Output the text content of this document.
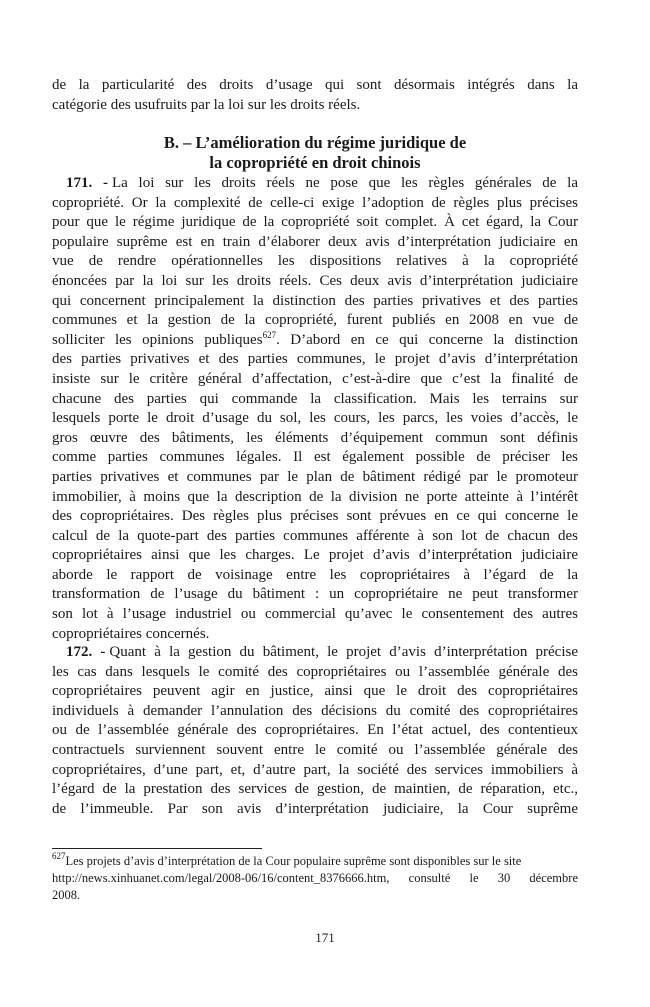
de la particularité des droits d’usage qui sont désormais intégrés dans la
catégorie des usufruits par la loi sur les droits réels.
B. – L’amélioration du régime juridique de
la copropriété en droit chinois
171. - La loi sur les droits réels ne pose que les règles générales de la
copropriété. Or la complexité de celle-ci exige l’adoption de règles plus précises
pour que le régime juridique de la copropriété soit complet. À cet égard, la Cour
populaire suprême est en train d’élaborer deux avis d’interprétation judiciaire en
vue de rendre opérationnelles les dispositions relatives à la copropriété
énoncées par la loi sur les droits réels. Ces deux avis d’interprétation judiciaire
qui concernent principalement la distinction des parties privatives et des parties
communes et la gestion de la copropriété, furent publiés en 2008 en vue de
solliciter les opinions publiques$^{627}$. D’abord en ce qui concerne la distinction
des parties privatives et des parties communes, le projet d’avis d’interprétation
insiste sur le critère général d’affectation, c’est-à-dire que c’est la finalité de
chacune des parties qui commande la classification. Mais les terrains sur
lesquels porte le droit d’usage du sol, les cours, les parcs, les voies d’accès, le
gros œuvre des bâtiments, les éléments d’équipement commun sont définis
comme parties communes légales. Il est également possible de préciser les
parties privatives et communes par le plan de bâtiment rédigé par le promoteur
immobilier, à moins que la description de la division ne porte atteinte à l’intérêt
des copropriétaires. Des règles plus précises sont prévues en ce qui concerne le
calcul de la quote-part des parties communes afférente à son lot de chacun des
copropriétaires ainsi que les charges. Le projet d’avis d’interprétation judiciaire
aborde le rapport de voisinage entre les copropriétaires à l’égard de la
transformation de l’usage du bâtiment : un copropriétaire ne peut transformer
son lot à l’usage industriel ou commercial qu’avec le consentement des autres
copropriétaires concernés.
172. - Quant à la gestion du bâtiment, le projet d’avis d’interprétation précise
les cas dans lesquels le comité des copropriétaires ou l’assemblée générale des
copropriétaires peuvent agir en justice, ainsi que le droit des copropriétaires
individuels à demander l’annulation des décisions du comité des copropriétaires
ou de l’assemblée générale des copropriétaires. En l’état actuel, des contentieux
contractuels surviennent souvent entre le comité ou l’assemblée générale des
copropriétaires, d’une part, et, d’autre part, la société des services immobiliers à
l’égard de la prestation des services de gestion, de maintien, de réparation, etc.,
de l’immeuble. Par son avis d’interprétation judiciaire, la Cour suprême
$^{627}$Les projets d’avis d’interprétation de la Cour populaire suprême sont disponibles sur le site
http://news.xinhuanet.com/legal/2008-06/16/content_8376666.htm, consulté le 30 décembre
2008.
171
